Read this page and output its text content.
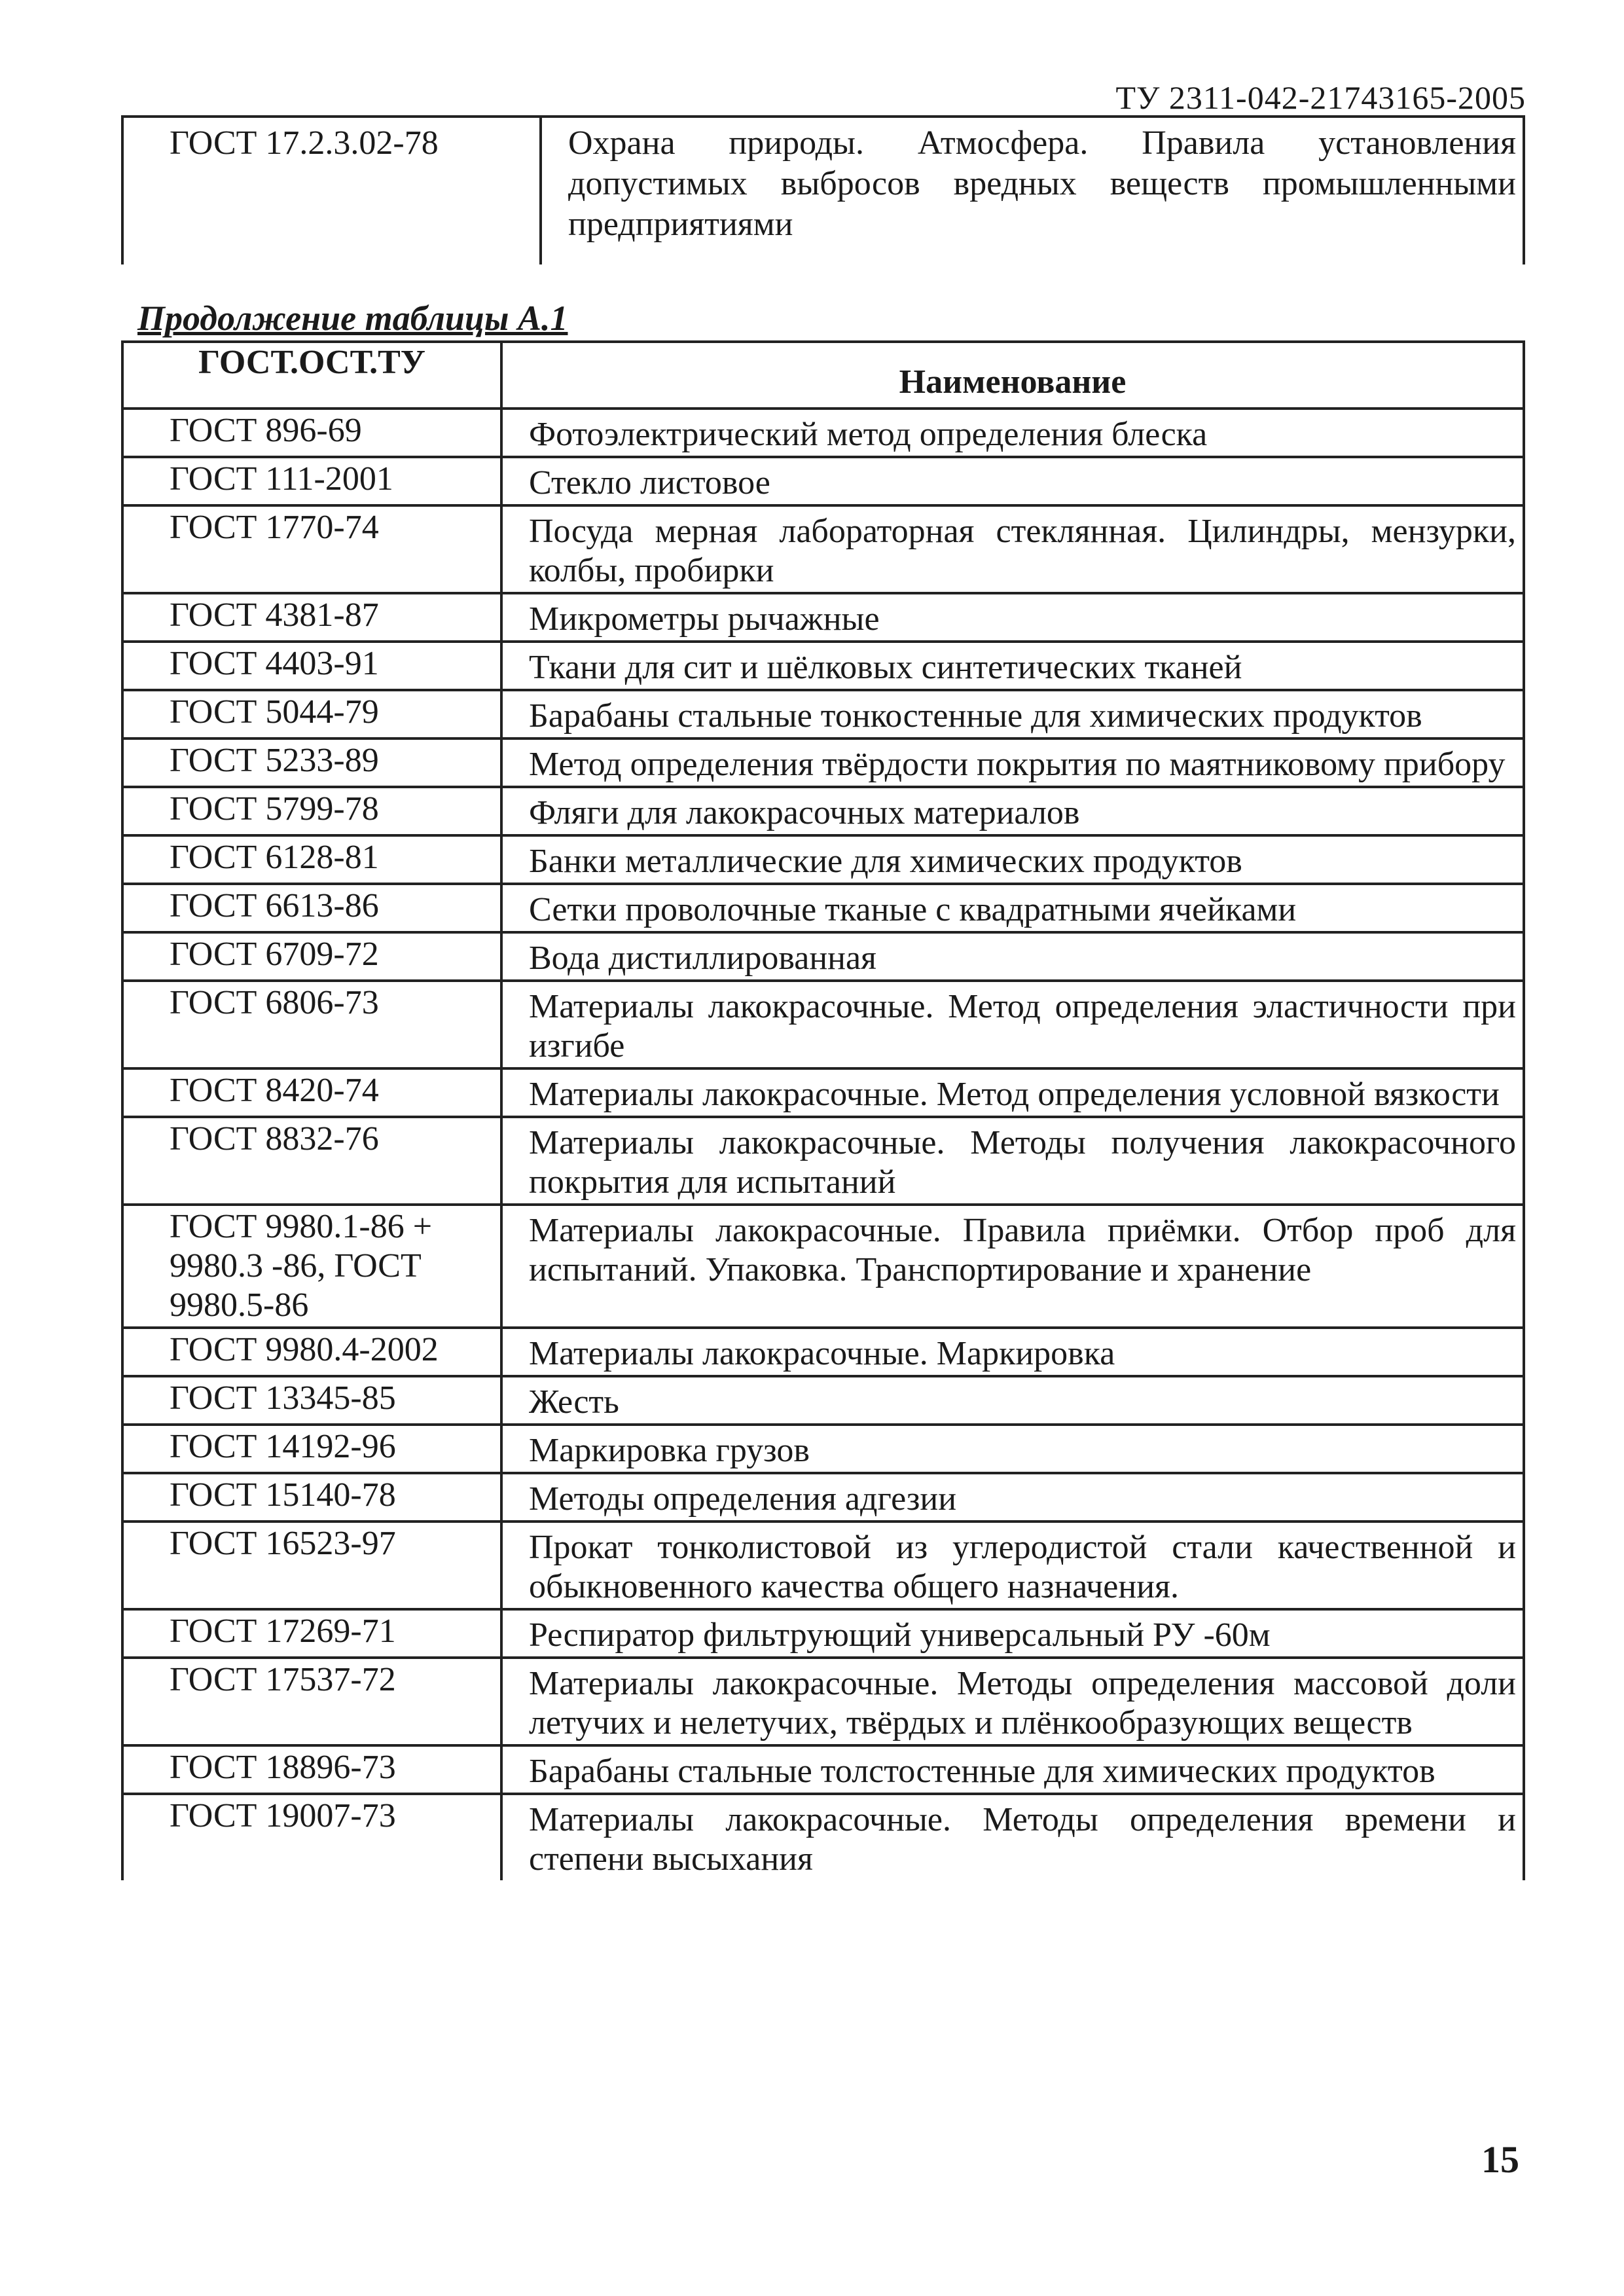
ТУ 2311-042-21743165-2005
ГОСТ 17.2.3.02-78	Охрана природы. Атмосфера. Правила установления допустимых выбросов вредных веществ промышленными предприятиями
Продолжение таблицы А.1
ГОСТ.ОСТ.ТУ	Наименование
ГОСТ 896-69	Фотоэлектрический метод определения блеска
ГОСТ 111-2001	Стекло листовое
ГОСТ 1770-74	Посуда мерная лабораторная стеклянная. Цилиндры, мензурки, колбы, пробирки
ГОСТ 4381-87	Микрометры рычажные
ГОСТ 4403-91	Ткани для сит и шёлковых синтетических тканей
ГОСТ 5044-79	Барабаны стальные тонкостенные для химических продуктов
ГОСТ 5233-89	Метод определения твёрдости покрытия по маятниковому прибору
ГОСТ 5799-78	Фляги для лакокрасочных материалов
ГОСТ 6128-81	Банки металлические для химических продуктов
ГОСТ 6613-86	Сетки проволочные тканые с квадратными ячейками
ГОСТ 6709-72	Вода дистиллированная
ГОСТ 6806-73	Материалы лакокрасочные. Метод определения эластичности при изгибе
ГОСТ 8420-74	Материалы лакокрасочные. Метод определения условной вязкости
ГОСТ 8832-76	Материалы лакокрасочные. Методы получения лакокрасочного покрытия для испытаний
ГОСТ 9980.1-86 + 9980.3 -86, ГОСТ 9980.5-86	Материалы лакокрасочные. Правила приёмки. Отбор проб для испытаний. Упаковка. Транспортирование и хранение
ГОСТ 9980.4-2002	Материалы лакокрасочные. Маркировка
ГОСТ 13345-85	Жесть
ГОСТ 14192-96	Маркировка грузов
ГОСТ 15140-78	Методы определения адгезии
ГОСТ 16523-97	Прокат тонколистовой из углеродистой стали качественной и обыкновенного качества общего назначения.
ГОСТ 17269-71	Респиратор фильтрующий универсальный РУ -60м
ГОСТ 17537-72	Материалы лакокрасочные. Методы определения массовой доли летучих и нелетучих, твёрдых и плёнкообразующих веществ
ГОСТ 18896-73	Барабаны стальные толстостенные для химических продуктов
ГОСТ 19007-73	Материалы лакокрасочные. Методы определения времени и степени высыхания
15
